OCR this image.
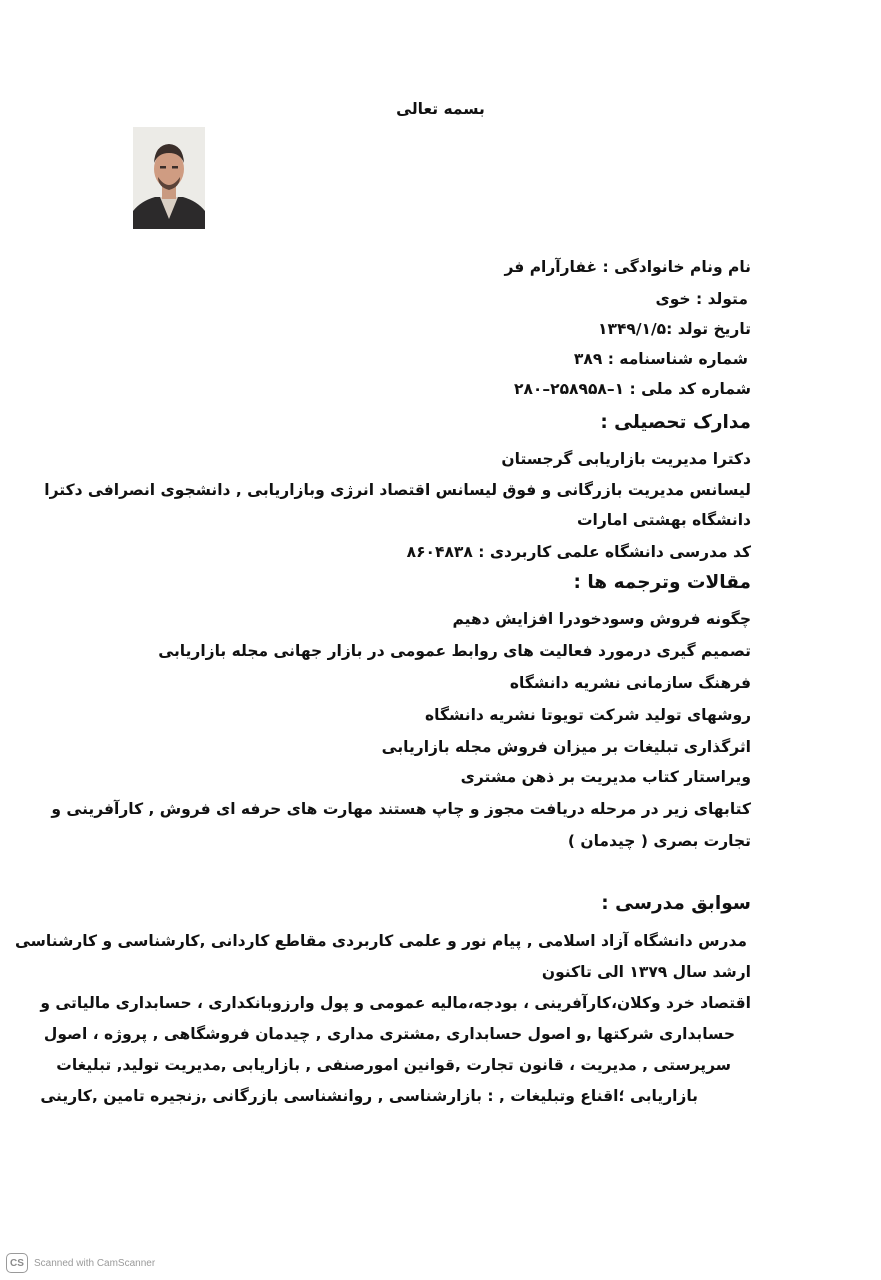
بسمه تعالی
نام ونام خانوادگی : غفارآرام فر
متولد : خوی
تاریخ تولد :۱۳۴۹/۱/۵
شماره شناسنامه : ۳۸۹
شماره کد ملی : ۱–۲۵۸۹۵۸–۲۸۰
مدارک تحصیلی :
دکترا مدیریت بازاریابی گرجستان
لیسانس مدیریت بازرگانی و فوق لیسانس اقتصاد انرژی وبازاریابی , دانشجوی انصرافی دکترا
دانشگاه بهشتی امارات
کد مدرسی دانشگاه علمی کاربردی : ۸۶۰۴۸۳۸
مقالات وترجمه ها :
چگونه فروش وسودخودرا افزایش دهیم
تصمیم گیری درمورد فعالیت های روابط عمومی در بازار جهانی مجله بازاریابی
فرهنگ سازمانی نشریه دانشگاه
روشهای تولید شرکت تویوتا نشریه دانشگاه
اثرگذاری تبلیغات بر میزان فروش مجله بازاریابی
ویراستار کتاب مدیریت بر ذهن مشتری
کتابهای زیر در مرحله دریافت مجوز و چاپ هستند مهارت های حرفه ای فروش , کارآفرینی و
تجارت بصری ( چیدمان )
سوابق مدرسی :
مدرس دانشگاه آزاد اسلامی , پیام نور و علمی کاربردی مقاطع کاردانی ,کارشناسی و کارشناسی
ارشد سال ۱۳۷۹ الی تاکنون
اقتصاد خرد وکلان،کارآفرینی ، بودجه،مالیه عمومی و پول وارزوبانکداری ، حسابداری مالیاتی و
حسابداری شرکتها ,و اصول حسابداری ,مشتری مداری , چیدمان فروشگاهی , پروژه ، اصول
سرپرستی , مدیریت ، قانون تجارت ,قوانین امورصنفی , بازاریابی ,مدیریت تولید, تبلیغات
بازاریابی ؛اقناع وتبلیغات , : بازارشناسی , روانشناسی بازرگانی ,زنجیره تامین ,کارینی
CS	Scanned with CamScanner
